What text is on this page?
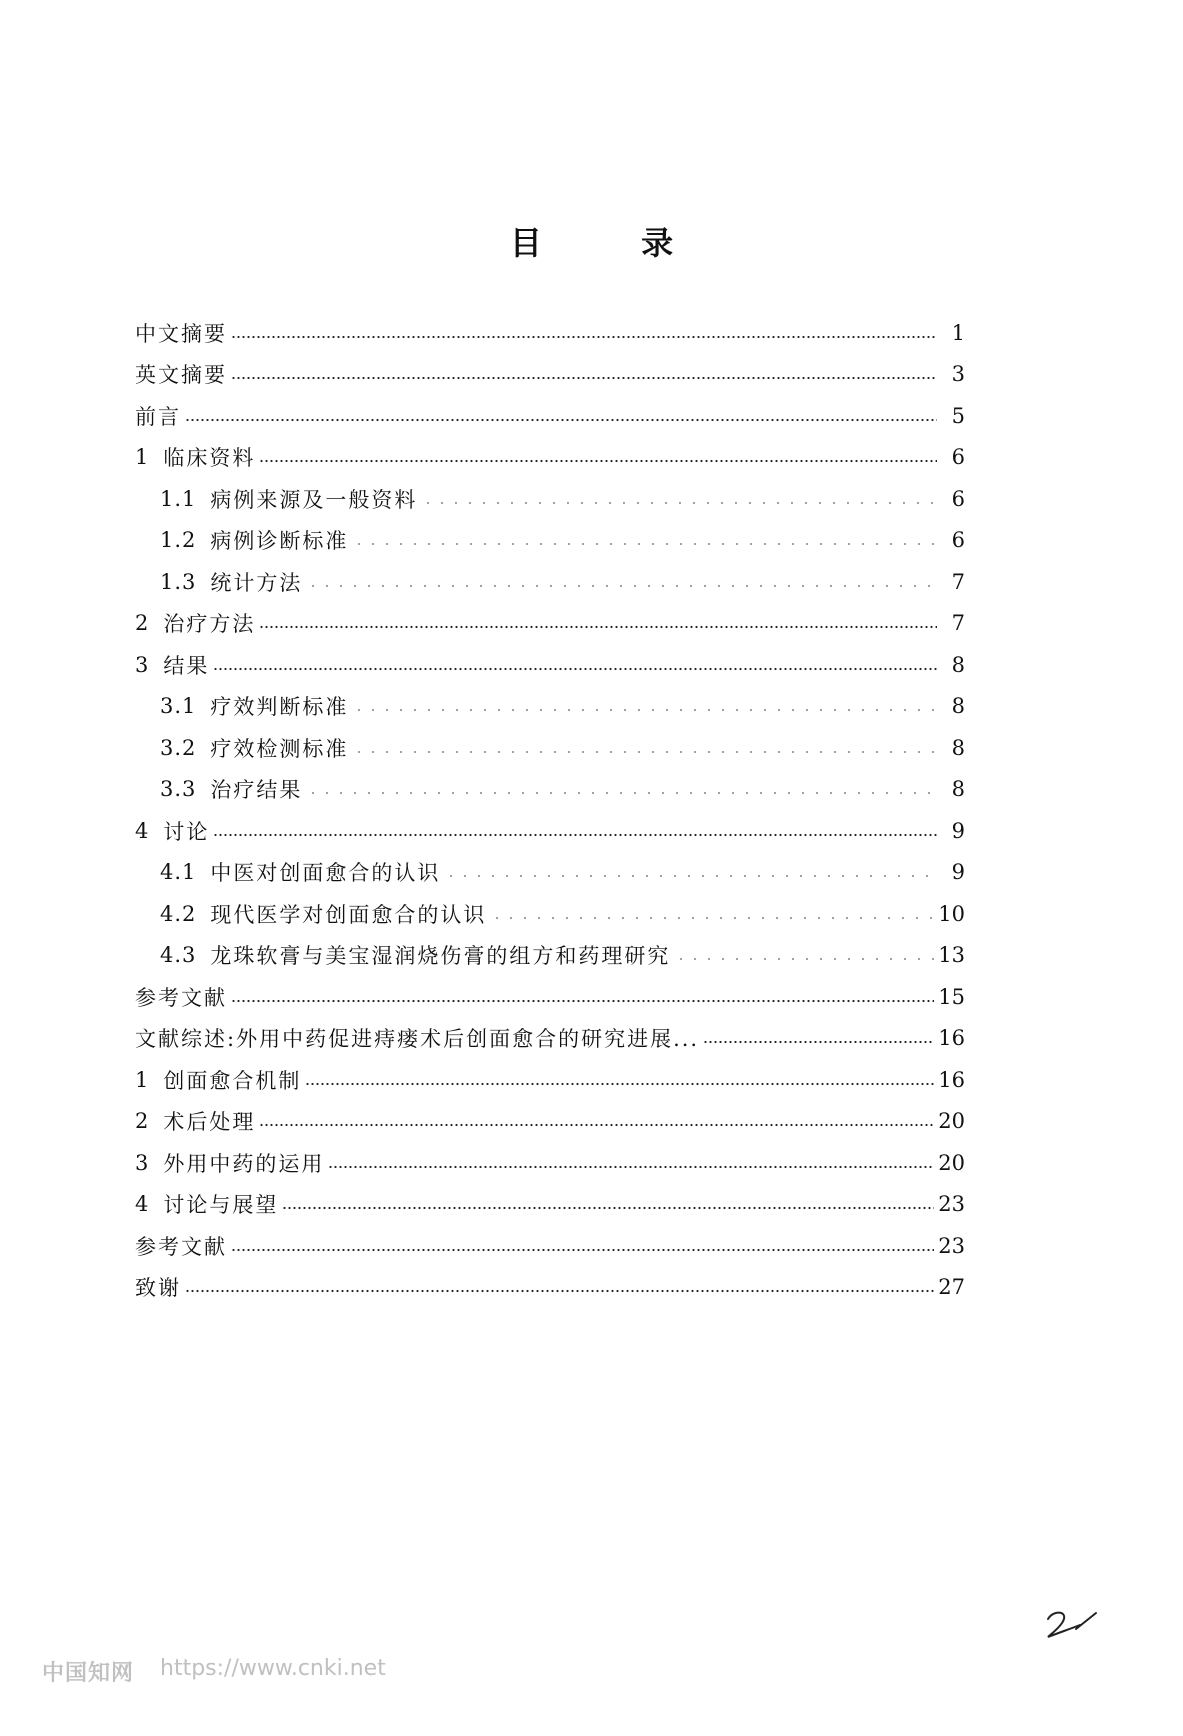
目 录
中文摘要	1
英文摘要	3
前言	5
1 临床资料	6
1.1 病例来源及一般资料	6
1.2 病例诊断标准	6
1.3 统计方法	7
2 治疗方法	7
3 结果	8
3.1 疗效判断标准	8
3.2 疗效检测标准	8
3.3 治疗结果	8
4 讨论	9
4.1 中医对创面愈合的认识	9
4.2 现代医学对创面愈合的认识	10
4.3 龙珠软膏与美宝湿润烧伤膏的组方和药理研究	13
参考文献	15
文献综述:外用中药促进痔瘘术后创面愈合的研究进展...	16
1 创面愈合机制	16
2 术后处理	20
3 外用中药的运用	20
4 讨论与展望	23
参考文献	23
致谢	27
中国知网 https://www.cnki.net
